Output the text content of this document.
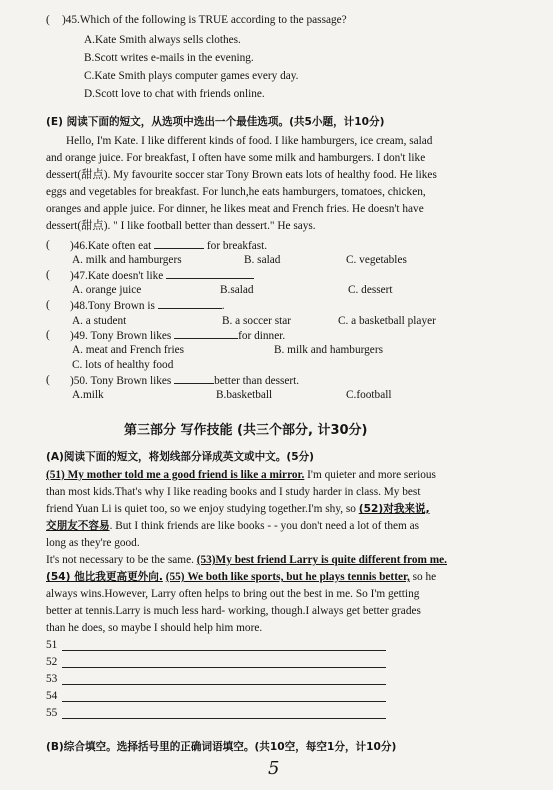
( )45.Which of the following is TRUE according to the passage?
A.Kate Smith always sells clothes.
B.Scott writes e-mails in the evening.
C.Kate Smith plays computer games every day.
D.Scott love to chat with friends online.
(E) 阅读下面的短文，从选项中选出一个最佳选项。(共5小题，计10分)
Hello, I'm Kate. I like different kinds of food. I like hamburgers, ice cream, salad
and orange juice. For breakfast, I often have some milk and hamburgers. I don't like
dessert(甜点). My favourite soccer star Tony Brown eats lots of healthy food. He likes
eggs and vegetables for breakfast. For lunch,he eats hamburgers, tomatoes, chicken,
oranges and apple juice. For dinner, he likes meat and French fries. He doesn't have
dessert(甜点). " I like football better than dessert." He says.
( )46.Kate often eat	for breakfast.
A. milk and hamburgers	B. salad	C. vegetables
( )47.Kate doesn't like
A. orange juice	B.salad	C. dessert
( )48.Tony Brown is	.
A. a student	B. a soccer star	C. a basketball player
( )49. Tony Brown likes	for dinner.
A. meat and French fries	B. milk and hamburgers
C. lots of healthy food
( )50. Tony Brown likes	better than dessert.
A.milk	B.basketball	C.football
第三部分 写作技能 (共三个部分, 计30分)
(A)阅读下面的短文，将划线部分译成英文或中文。(5分)
(51) My mother told me a good friend is like a mirror. I'm quieter and more serious
than most kids.That's why I like reading books and I study harder in class. My best
friend Yuan Li is quiet too, so we enjoy studying together.I'm shy, so (52)对我来说,
交朋友不容易. But I think friends are like books - - you don't need a lot of them as
long as they're good.
It's not necessary to be the same. (53)My best friend Larry is quite different from me.
(54) 他比我更高更外向. (55) We both like sports, but he plays tennis better, so he
always wins.However, Larry often helps to bring out the best in me. So I'm getting
better at tennis.Larry is much less hard- working, though.I always get better grades
than he does, so maybe I should help him more.
51
52
53
54
55
(B)综合填空。选择括号里的正确词语填空。(共10空，每空1分，计10分)
5
